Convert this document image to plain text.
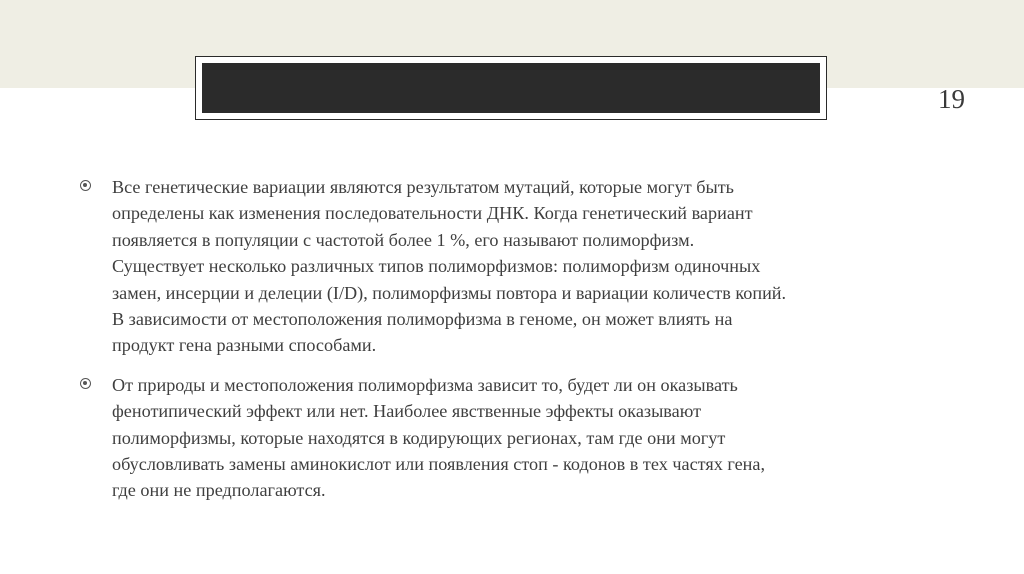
19

Все генетические вариации являются результатом мутаций, которые могут быть
определены как изменения последовательности ДНК. Когда генетический вариант
появляется в популяции с частотой более 1 %, его называют полиморфизм.
Существует несколько различных типов полиморфизмов: полиморфизм одиночных
замен, инсерции и делеции (I/D), полиморфизмы повтора и вариации количеств копий.
В зависимости от местоположения полиморфизма в геноме, он может влиять на
продукт гена разными способами.

От природы и местоположения полиморфизма зависит то, будет ли он оказывать
фенотипический эффект или нет. Наиболее явственные эффекты оказывают
полиморфизмы, которые находятся в кодирующих регионах, там где они могут
обусловливать замены аминокислот или появления стоп - кодонов в тех частях гена,
где они не предполагаются.
